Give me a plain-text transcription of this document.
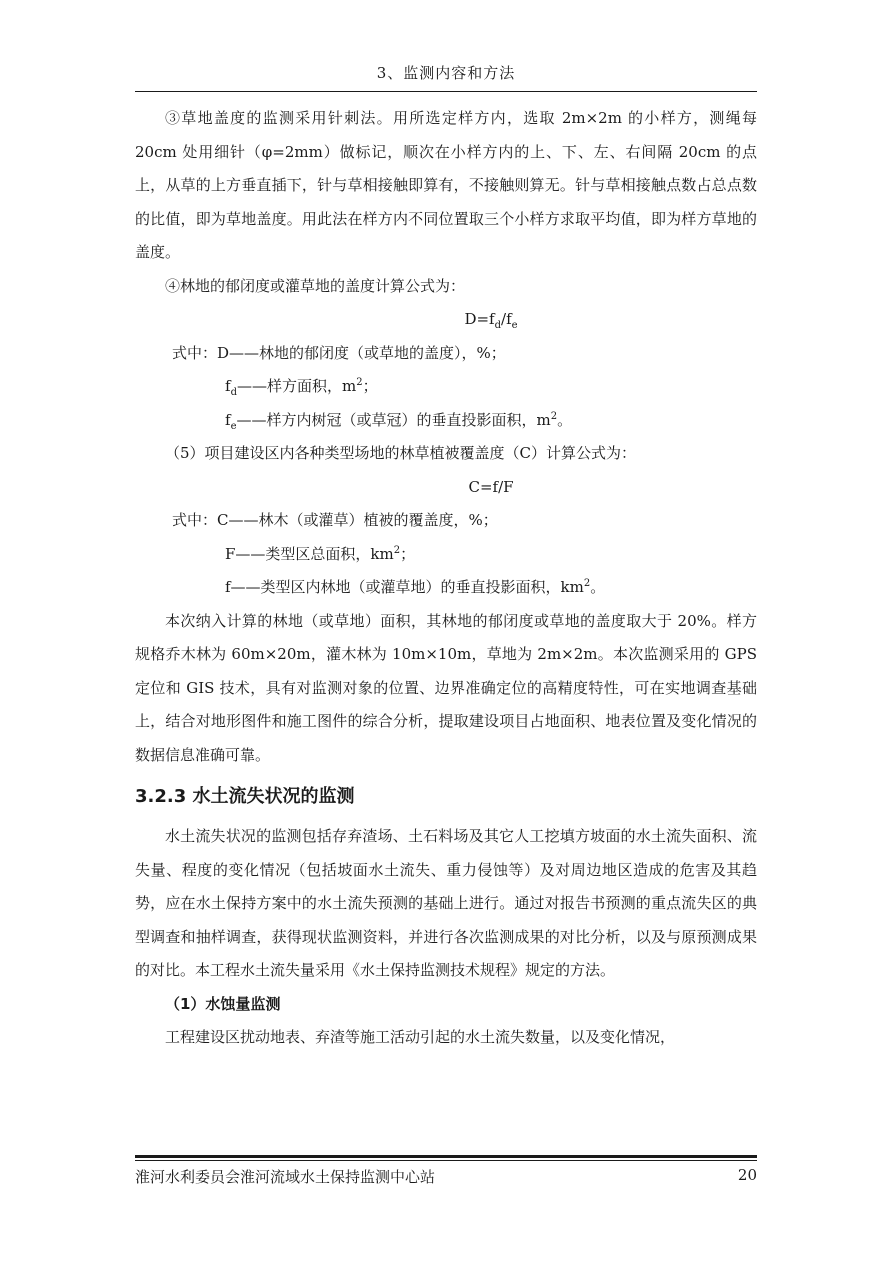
3、监测内容和方法

③草地盖度的监测采用针刺法。用所选定样方内，选取 2m×2m 的小样方，测绳每 20cm 处用细针（φ=2mm）做标记，顺次在小样方内的上、下、左、右间隔 20cm 的点上，从草的上方垂直插下，针与草相接触即算有，不接触则算无。针与草相接触点数占总点数的比值，即为草地盖度。用此法在样方内不同位置取三个小样方求取平均值，即为样方草地的盖度。

④林地的郁闭度或灌草地的盖度计算公式为：

$D=f_d/f_e$

式中：D——林地的郁闭度（或草地的盖度），%；

$f_d——$样方面积，$m^2$；

$f_e——$样方内树冠（或草冠）的垂直投影面积，$m^2$。

（5）项目建设区内各种类型场地的林草植被覆盖度（C）计算公式为：

C=f/F

式中：C——林木（或灌草）植被的覆盖度，%；

F——类型区总面积，$km^2$；

f——类型区内林地（或灌草地）的垂直投影面积，$km^2$。

本次纳入计算的林地（或草地）面积，其林地的郁闭度或草地的盖度取大于 20%。样方规格乔木林为 60m×20m，灌木林为 10m×10m，草地为 2m×2m。本次监测采用的 GPS 定位和 GIS 技术，具有对监测对象的位置、边界准确定位的高精度特性，可在实地调查基础上，结合对地形图件和施工图件的综合分析，提取建设项目占地面积、地表位置及变化情况的数据信息准确可靠。

3.2.3 水土流失状况的监测

水土流失状况的监测包括存弃渣场、土石料场及其它人工挖填方坡面的水土流失面积、流失量、程度的变化情况（包括坡面水土流失、重力侵蚀等）及对周边地区造成的危害及其趋势，应在水土保持方案中的水土流失预测的基础上进行。通过对报告书预测的重点流失区的典型调查和抽样调查，获得现状监测资料，并进行各次监测成果的对比分析，以及与原预测成果的对比。本工程水土流失量采用《水土保持监测技术规程》规定的方法。

（1）水蚀量监测

工程建设区扰动地表、弃渣等施工活动引起的水土流失数量，以及变化情况，

淮河水利委员会淮河流域水土保持监测中心站	20
